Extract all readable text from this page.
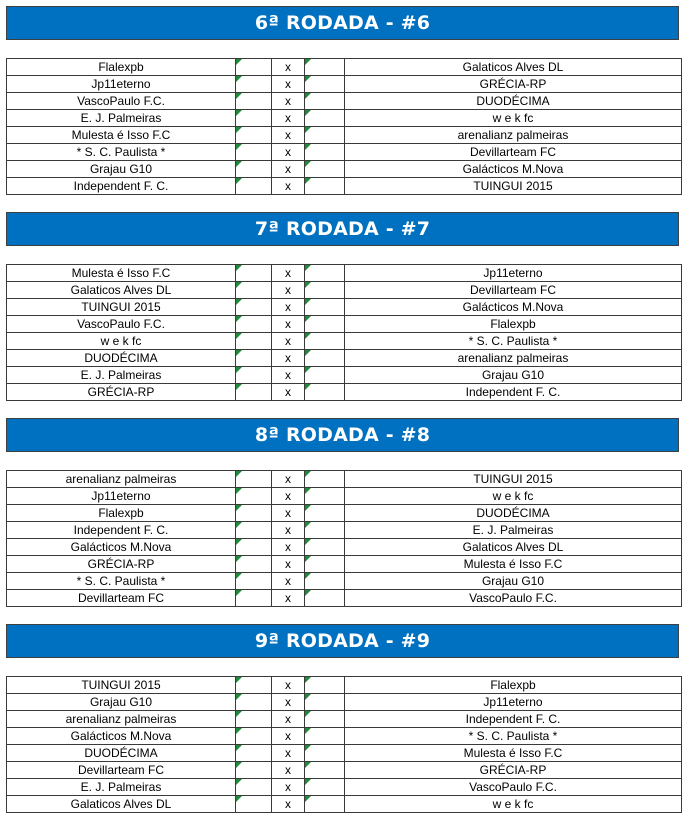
6ª RODADA - #6
Flalexpb		x		Galaticos Alves DL
Jp11eterno		x		GRÉCIA-RP
VascoPaulo F.C.		x		DUODÉCIMA
E. J. Palmeiras		x		w e k fc
Mulesta é Isso F.C		x		arenalianz palmeiras
* S. C. Paulista *		x		Devillarteam FC
Grajau G10		x		Galácticos M.Nova
Independent F. C.		x		TUINGUI 2015
7ª RODADA - #7
Mulesta é Isso F.C		x		Jp11eterno
Galaticos Alves DL		x		Devillarteam FC
TUINGUI 2015		x		Galácticos M.Nova
VascoPaulo F.C.		x		Flalexpb
w e k fc		x		* S. C. Paulista *
DUODÉCIMA		x		arenalianz palmeiras
E. J. Palmeiras		x		Grajau G10
GRÉCIA-RP		x		Independent F. C.
8ª RODADA - #8
arenalianz palmeiras		x		TUINGUI 2015
Jp11eterno		x		w e k fc
Flalexpb		x		DUODÉCIMA
Independent F. C.		x		E. J. Palmeiras
Galácticos M.Nova		x		Galaticos Alves DL
GRÉCIA-RP		x		Mulesta é Isso F.C
* S. C. Paulista *		x		Grajau G10
Devillarteam FC		x		VascoPaulo F.C.
9ª RODADA - #9
TUINGUI 2015		x		Flalexpb
Grajau G10		x		Jp11eterno
arenalianz palmeiras		x		Independent F. C.
Galácticos M.Nova		x		* S. C. Paulista *
DUODÉCIMA		x		Mulesta é Isso F.C
Devillarteam FC		x		GRÉCIA-RP
E. J. Palmeiras		x		VascoPaulo F.C.
Galaticos Alves DL		x		w e k fc
